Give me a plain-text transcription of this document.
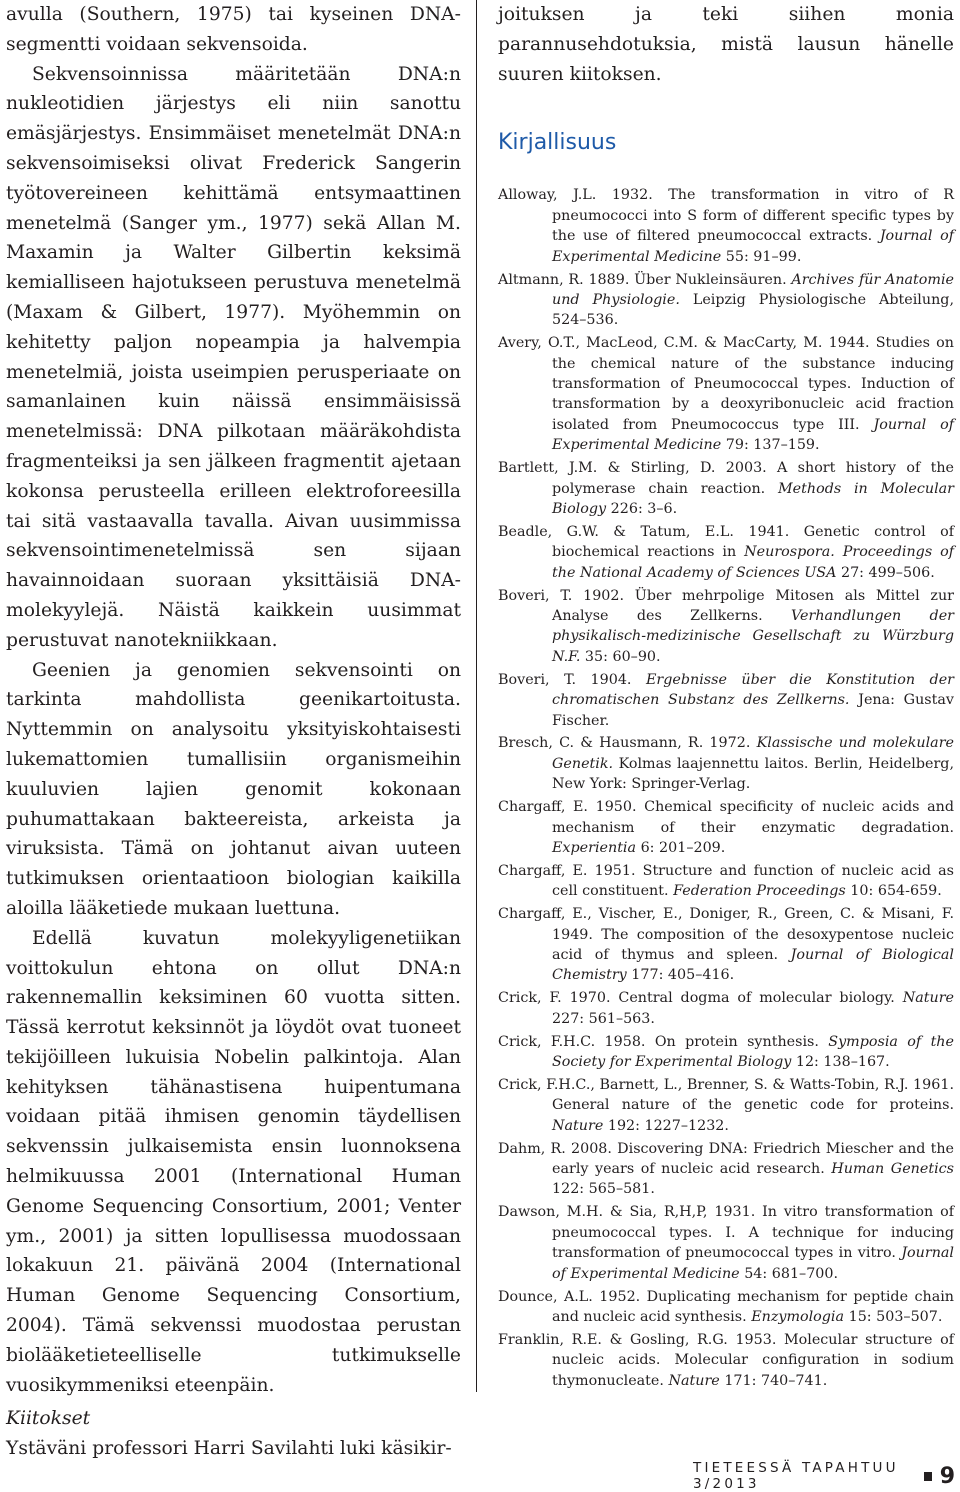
avulla (Southern, 1975) tai kyseinen DNA-segmentti voidaan sekvensoida.

Sekvensoinnissa määritetään DNA:n nukleotidien järjestys eli niin sanottu emäsjärjestys. Ensimmäiset menetelmät DNA:n sekvensoimiseksi olivat Frederick Sangerin työtovereineen kehittämä entsymaattinen menetelmä (Sanger ym., 1977) sekä Allan M. Maxamin ja Walter Gilbertin keksimä kemialliseen hajotukseen perustuva menetelmä (Maxam & Gilbert, 1977). Myöhemmin on kehitetty paljon nopeampia ja halvempia menetelmiä, joista useimpien perusperiaate on samanlainen kuin näissä ensimmäisissä menetelmissä: DNA pilkotaan määräkohdista fragmenteiksi ja sen jälkeen fragmentit ajetaan kokonsa perusteella erilleen elektroforeesilla tai sitä vastaavalla tavalla. Aivan uusimmissa sekvensointimenetelmissä sen sijaan havainnoidaan suoraan yksittäisiä DNA-molekyylejä. Näistä kaikkein uusimmat perustuvat nanotekniikkaan.

Geenien ja genomien sekvensointi on tarkinta mahdollista geenikartoitusta. Nyttemmin on analysoitu yksityiskohtaisesti lukemattomien tumallisiin organismeihin kuuluvien lajien genomit kokonaan puhumattakaan bakteereista, arkeista ja viruksista. Tämä on johtanut aivan uuteen tutkimuksen orientaatioon biologian kaikilla aloilla lääketiede mukaan luettuna.

Edellä kuvatun molekyyligenetiikan voittokulun ehtona on ollut DNA:n rakennemallin keksiminen 60 vuotta sitten. Tässä kerrotut keksinnöt ja löydöt ovat tuoneet tekijöilleen lukuisia Nobelin palkintoja. Alan kehityksen tähänastisena huipentumana voidaan pitää ihmisen genomin täydellisen sekvenssin julkaisemista ensin luonnoksena helmikuussa 2001 (International Human Genome Sequencing Consortium, 2001; Venter ym., 2001) ja sitten lopullisessa muodossaan lokakuun 21. päivänä 2004 (International Human Genome Sequencing Consortium, 2004). Tämä sekvenssi muodostaa perustan biolääketieteelliselle tutkimukselle vuosikymmeniksi eteenpäin.

Kiitokset

Ystäväni professori Harri Savilahti luki käsikir-

joituksen ja teki siihen monia parannusehdotuksia, mistä lausun hänelle suuren kiitoksen.

Kirjallisuus
Alloway, J.L. 1932. The transformation in vitro of R pneumococci into S form of different specific types by the use of filtered pneumococcal extracts. Journal of Experimental Medicine 55: 91–99.
Altmann, R. 1889. Über Nukleinsäuren. Archives für Anatomie und Physiologie. Leipzig Physiologische Abteilung, 524–536.
Avery, O.T., MacLeod, C.M. & MacCarty, M. 1944. Studies on the chemical nature of the substance inducing transformation of Pneumococcal types. Induction of transformation by a deoxyribonucleic acid fraction isolated from Pneumococcus type III. Journal of Experimental Medicine 79: 137–159.
Bartlett, J.M. & Stirling, D. 2003. A short history of the polymerase chain reaction. Methods in Molecular Biology 226: 3–6.
Beadle, G.W. & Tatum, E.L. 1941. Genetic control of biochemical reactions in Neurospora. Proceedings of the National Academy of Sciences USA 27: 499–506.
Boveri, T. 1902. Über mehrpolige Mitosen als Mittel zur Analyse des Zellkerns. Verhandlungen der physikalisch-medizinische Gesellschaft zu Würzburg N.F. 35: 60–90.
Boveri, T. 1904. Ergebnisse über die Konstitution der chromatischen Substanz des Zellkerns. Jena: Gustav Fischer.
Bresch, C. & Hausmann, R. 1972. Klassische und molekulare Genetik. Kolmas laajennettu laitos. Berlin, Heidelberg, New York: Springer-Verlag.
Chargaff, E. 1950. Chemical specificity of nucleic acids and mechanism of their enzymatic degradation. Experientia 6: 201–209.
Chargaff, E. 1951. Structure and function of nucleic acid as cell constituent. Federation Proceedings 10: 654-659.
Chargaff, E., Vischer, E., Doniger, R., Green, C. & Misani, F. 1949. The composition of the desoxypentose nucleic acid of thymus and spleen. Journal of Biological Chemistry 177: 405–416.
Crick, F. 1970. Central dogma of molecular biology. Nature 227: 561–563.
Crick, F.H.C. 1958. On protein synthesis. Symposia of the Society for Experimental Biology 12: 138–167.
Crick, F.H.C., Barnett, L., Brenner, S. & Watts-Tobin, R.J. 1961. General nature of the genetic code for proteins. Nature 192: 1227–1232.
Dahm, R. 2008. Discovering DNA: Friedrich Miescher and the early years of nucleic acid research. Human Genetics 122: 565–581.
Dawson, M.H. & Sia, R,H,P, 1931. In vitro transformation of pneumococcal types. I. A technique for inducing transformation of pneumococcal types in vitro. Journal of Experimental Medicine 54: 681–700.
Dounce, A.L. 1952. Duplicating mechanism for peptide chain and nucleic acid synthesis. Enzymologia 15: 503–507.
Franklin, R.E. & Gosling, R.G. 1953. Molecular structure of nucleic acids. Molecular configuration in sodium thymonucleate. Nature 171: 740–741.
TIETEESSÄ TAPAHTUU 3/2013	9
